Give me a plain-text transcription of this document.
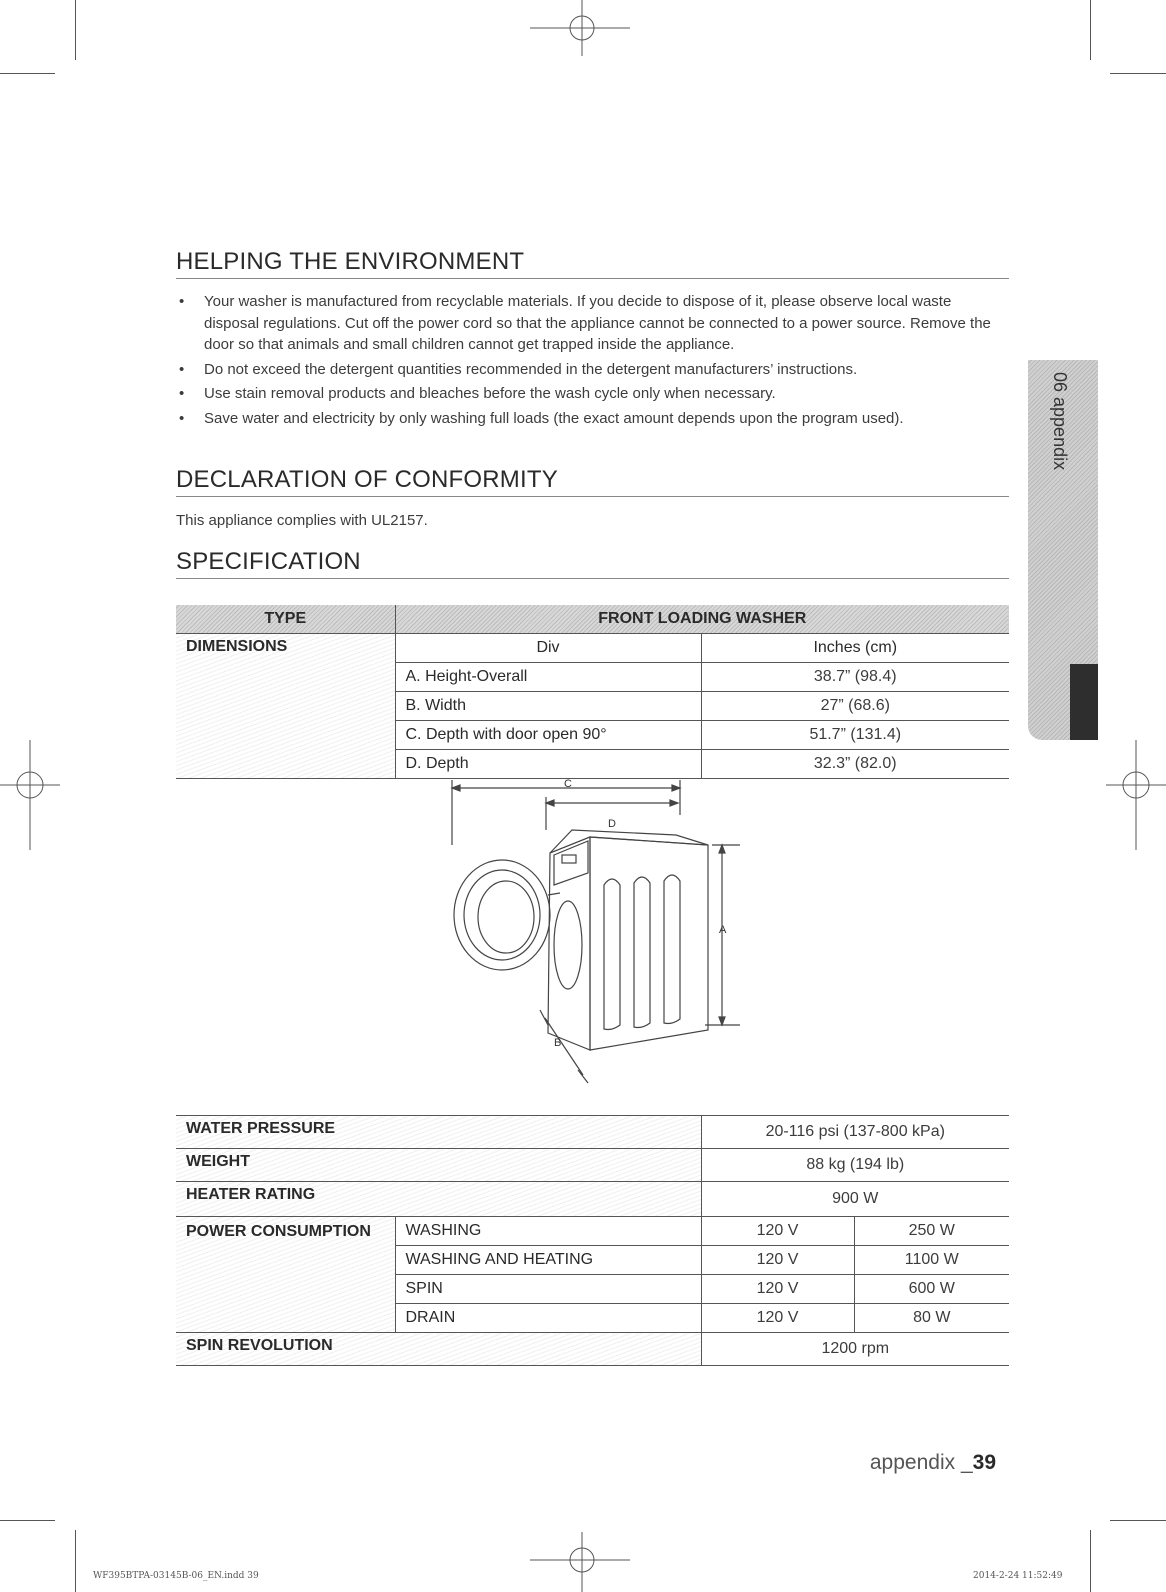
06 appendix
HELPING THE ENVIRONMENT
• Your washer is manufactured from recyclable materials. If you decide to dispose of it, please observe local waste disposal regulations. Cut off the power cord so that the appliance cannot be connected to a power source. Remove the door so that animals and small children cannot get trapped inside the appliance.
• Do not exceed the detergent quantities recommended in the detergent manufacturers’ instructions.
• Use stain removal products and bleaches before the wash cycle only when necessary.
• Save water and electricity by only washing full loads (the exact amount depends upon the program used).
DECLARATION OF CONFORMITY
This appliance complies with UL2157.
SPECIFICATION
TYPE	FRONT LOADING WASHER	
DIMENSIONS	Div	Inches (cm)
	A. Height-Overall	38.7” (98.4)
	B. Width	27” (68.6)
	C. Depth with door open 90°	51.7” (131.4)
	D. Depth	32.3” (82.0)
C
D
A
B
WATER PRESSURE		20-116 psi (137-800 kPa)	
WEIGHT		88 kg (194 lb)	
HEATER RATING		900 W	
POWER CONSUMPTION	WASHING	120 V	250 W
	WASHING AND HEATING	120 V	1100 W
	SPIN	120 V	600 W
	DRAIN	120 V	80 W
SPIN REVOLUTION		1200 rpm	
appendix _39
WF395BTPA-03145B-06_EN.indd 39	2014-2-24 11:52:49
